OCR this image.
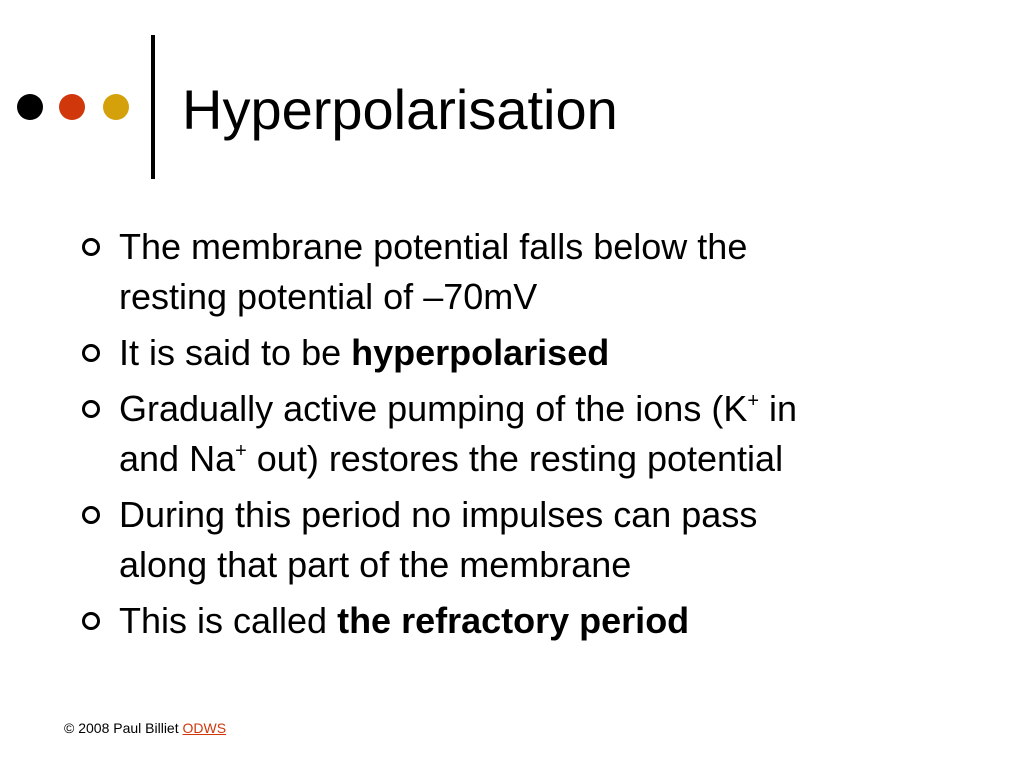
Hyperpolarisation
The membrane potential falls below the
resting potential of –70mV
It is said to be hyperpolarised
Gradually active pumping of the ions (K+ in
and Na+ out) restores the resting potential
During this period no impulses can pass
along that part of the membrane
This is called the refractory period
© 2008 Paul Billiet ODWS
